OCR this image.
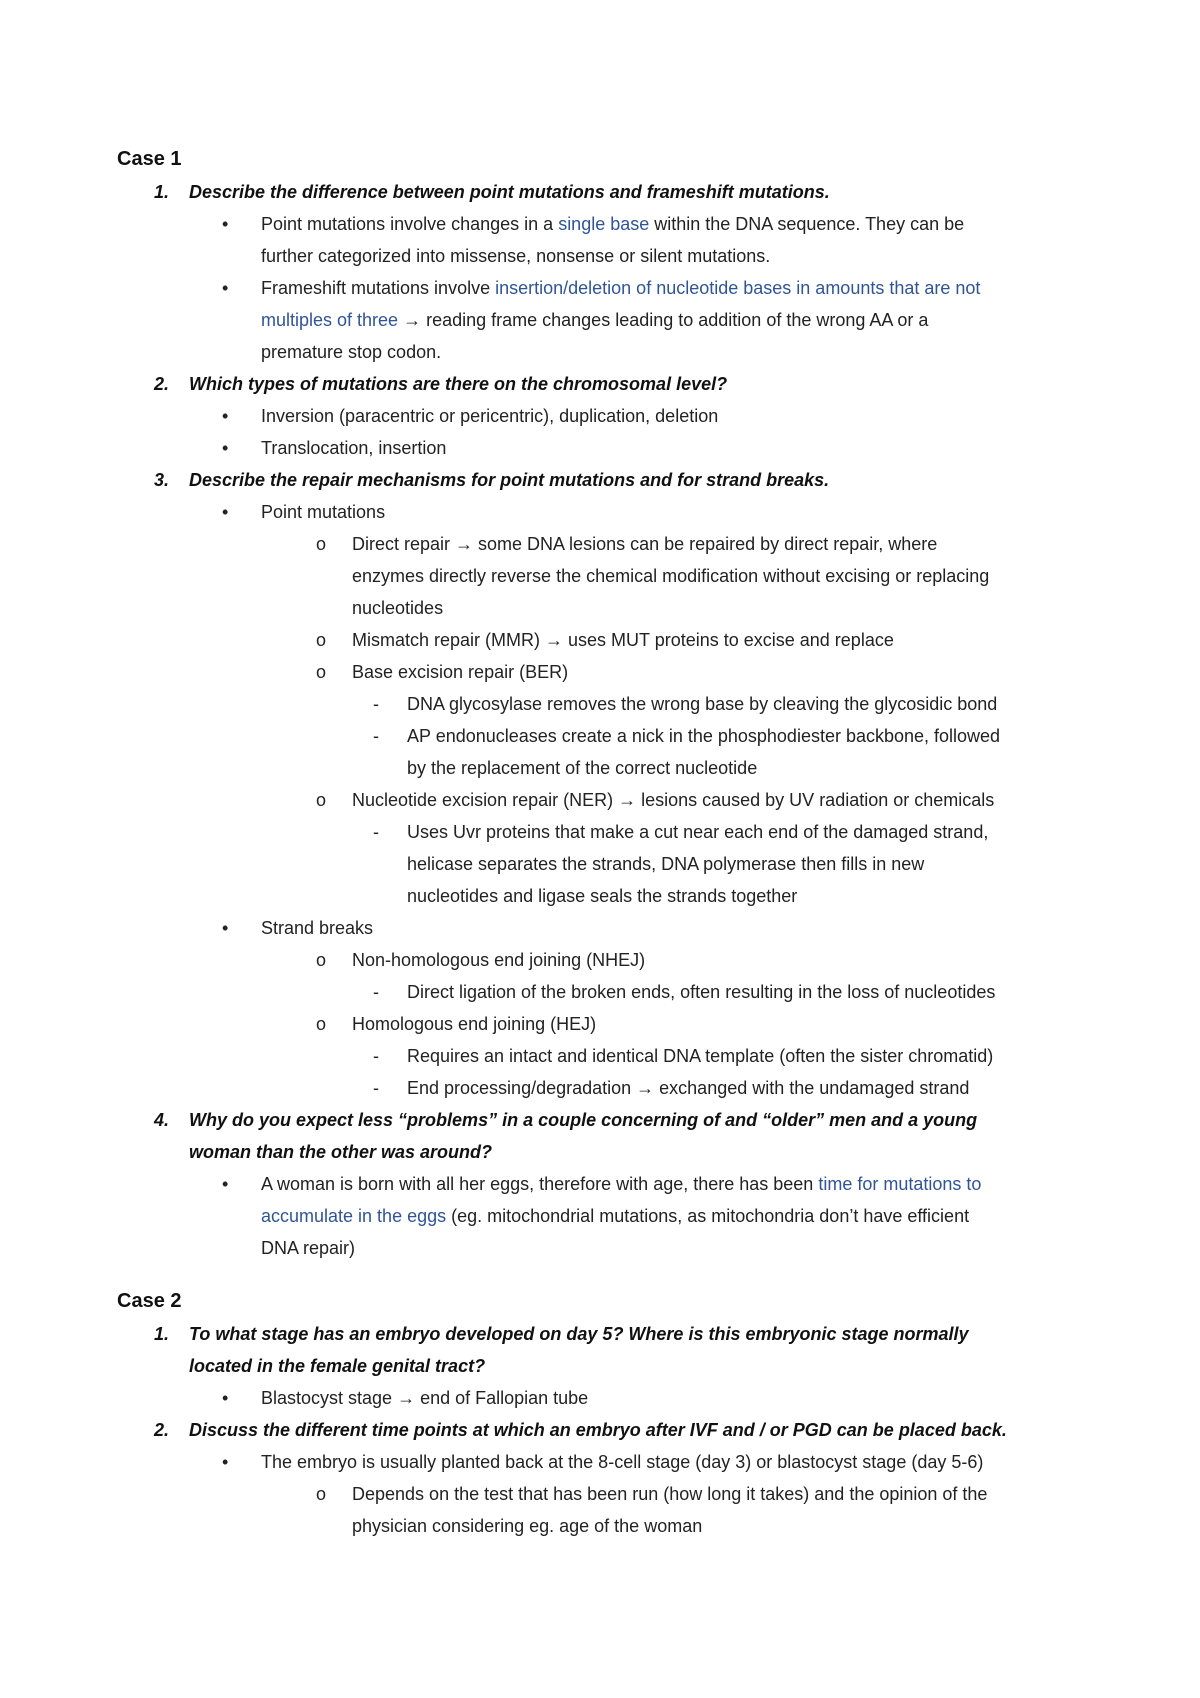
Case 1
1. Describe the difference between point mutations and frameshift mutations.
• Point mutations involve changes in a single base within the DNA sequence. They can be
further categorized into missense, nonsense or silent mutations.
• Frameshift mutations involve insertion/deletion of nucleotide bases in amounts that are not
multiples of three → reading frame changes leading to addition of the wrong AA or a
premature stop codon.
2. Which types of mutations are there on the chromosomal level?
• Inversion (paracentric or pericentric), duplication, deletion
• Translocation, insertion
3. Describe the repair mechanisms for point mutations and for strand breaks.
• Point mutations
o Direct repair → some DNA lesions can be repaired by direct repair, where
enzymes directly reverse the chemical modification without excising or replacing
nucleotides
o Mismatch repair (MMR) → uses MUT proteins to excise and replace
o Base excision repair (BER)
- DNA glycosylase removes the wrong base by cleaving the glycosidic bond
- AP endonucleases create a nick in the phosphodiester backbone, followed
by the replacement of the correct nucleotide
o Nucleotide excision repair (NER) → lesions caused by UV radiation or chemicals
- Uses Uvr proteins that make a cut near each end of the damaged strand,
helicase separates the strands, DNA polymerase then fills in new
nucleotides and ligase seals the strands together
• Strand breaks
o Non-homologous end joining (NHEJ)
- Direct ligation of the broken ends, often resulting in the loss of nucleotides
o Homologous end joining (HEJ)
- Requires an intact and identical DNA template (often the sister chromatid)
- End processing/degradation → exchanged with the undamaged strand
4. Why do you expect less “problems” in a couple concerning of and “older” men and a young
woman than the other was around?
• A woman is born with all her eggs, therefore with age, there has been time for mutations to
accumulate in the eggs (eg. mitochondrial mutations, as mitochondria don’t have efficient
DNA repair)
Case 2
1. To what stage has an embryo developed on day 5? Where is this embryonic stage normally
located in the female genital tract?
• Blastocyst stage → end of Fallopian tube
2. Discuss the different time points at which an embryo after IVF and / or PGD can be placed back.
• The embryo is usually planted back at the 8-cell stage (day 3) or blastocyst stage (day 5-6)
o Depends on the test that has been run (how long it takes) and the opinion of the
physician considering eg. age of the woman
